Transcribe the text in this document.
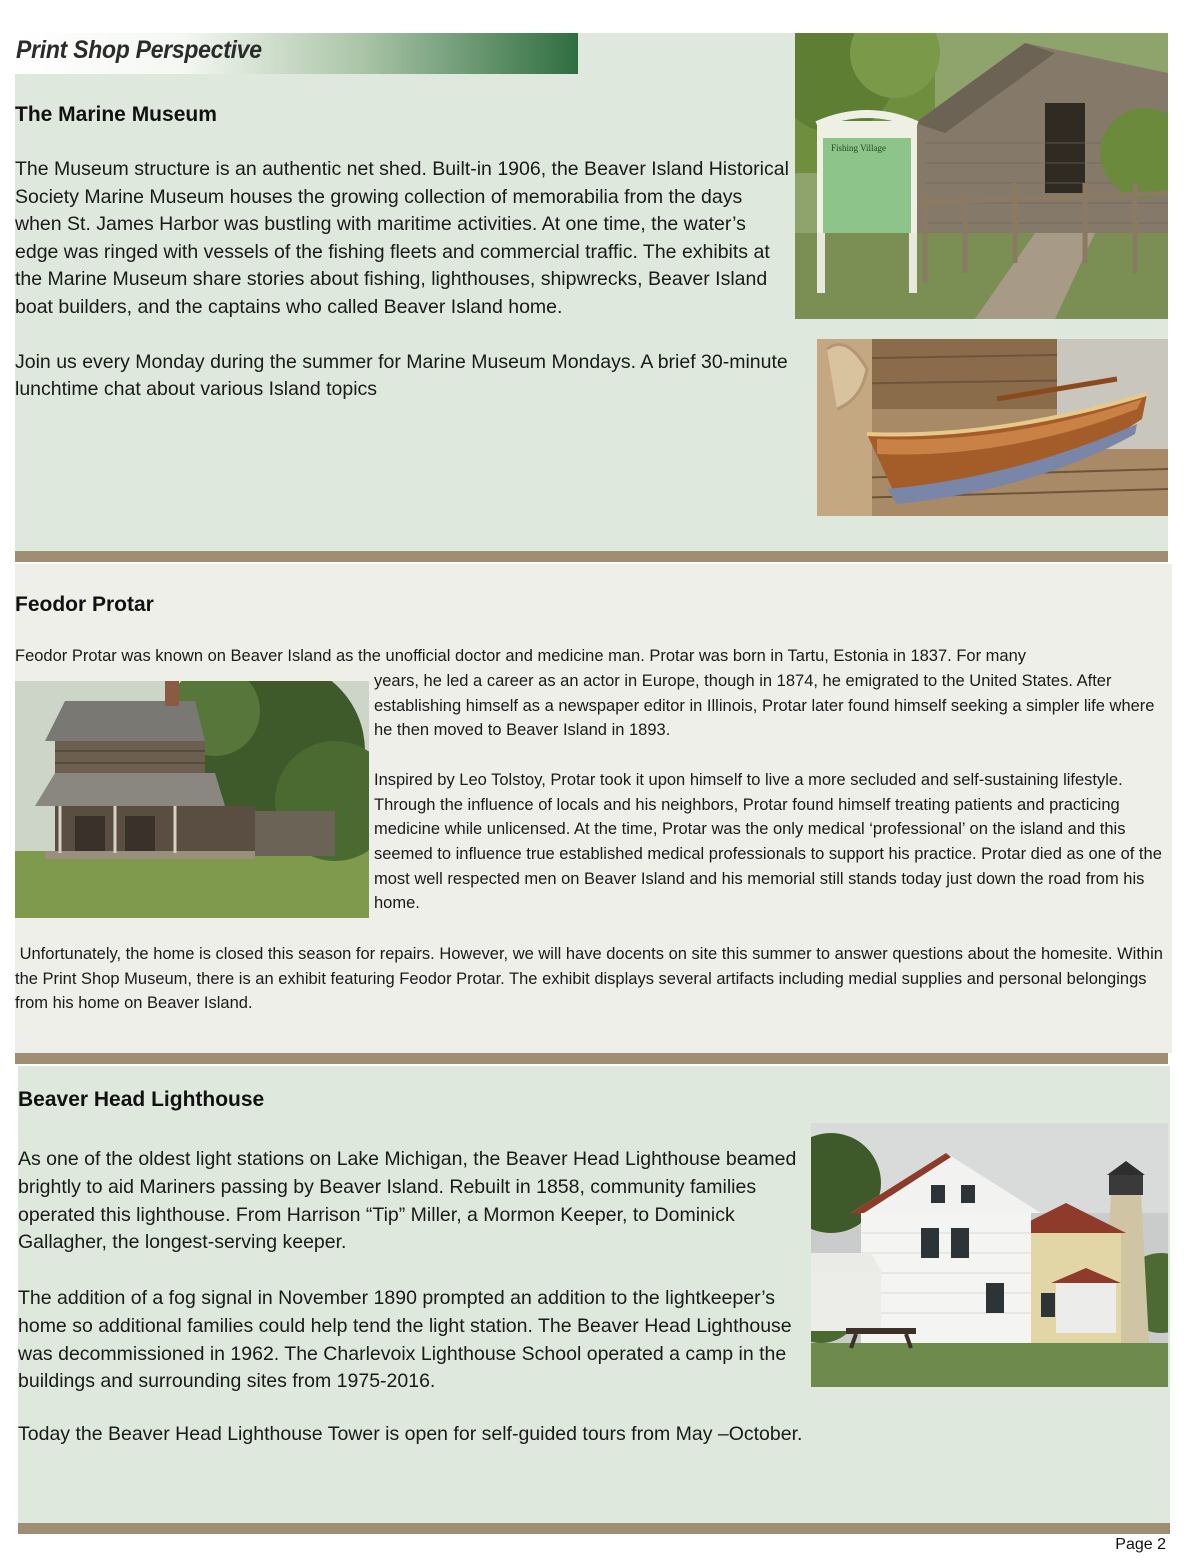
Print Shop Perspective
The Marine Museum

The Museum structure is an authentic net shed. Built-in 1906, the Beaver Island Historical Society Marine Museum houses the growing collection of memorabilia from the days when St. James Harbor was bustling with maritime activities. At one time, the water’s edge was ringed with vessels of the fishing fleets and commercial traffic. The exhibits at the Marine Museum share stories about fishing, lighthouses, shipwrecks, Beaver Island boat builders, and the captains who called Beaver Island home.

Join us every Monday during the summer for Marine Museum Mondays. A brief 30-minute lunchtime chat about various Island topics

Fishing Village
Feodor Protar
Feodor Protar was known on Beaver Island as the unofficial doctor and medicine man. Protar was born in Tartu, Estonia in 1837. For many

years, he led a career as an actor in Europe, though in 1874, he emigrated to the United States. After establishing himself as a newspaper editor in Illinois, Protar later found himself seeking a simpler life where he then moved to Beaver Island in 1893.

Inspired by Leo Tolstoy, Protar took it upon himself to live a more secluded and self-sustaining lifestyle. Through the influence of locals and his neighbors, Protar found himself treating patients and practicing medicine while unlicensed. At the time, Protar was the only medical ‘professional’ on the island and this seemed to influence true established medical professionals to support his practice. Protar died as one of the most well respected men on Beaver Island and his memorial still stands today just down the road from his home.

Unfortunately, the home is closed this season for repairs. However, we will have docents on site this summer to answer questions about the homesite. Within the Print Shop Museum, there is an exhibit featuring Feodor Protar. The exhibit displays several artifacts including medial supplies and personal belongings from his home on Beaver Island.
Beaver Head Lighthouse

As one of the oldest light stations on Lake Michigan, the Beaver Head Lighthouse beamed brightly to aid Mariners passing by Beaver Island. Rebuilt in 1858, community families operated this lighthouse. From Harrison “Tip” Miller, a Mormon Keeper, to Dominick Gallagher, the longest-serving keeper.

The addition of a fog signal in November 1890 prompted an addition to the lightkeeper’s home so additional families could help tend the light station. The Beaver Head Lighthouse was decommissioned in 1962. The Charlevoix Lighthouse School operated a camp in the buildings and surrounding sites from 1975-2016.

Today the Beaver Head Lighthouse Tower is open for self-guided tours from May –October.
Page 2
